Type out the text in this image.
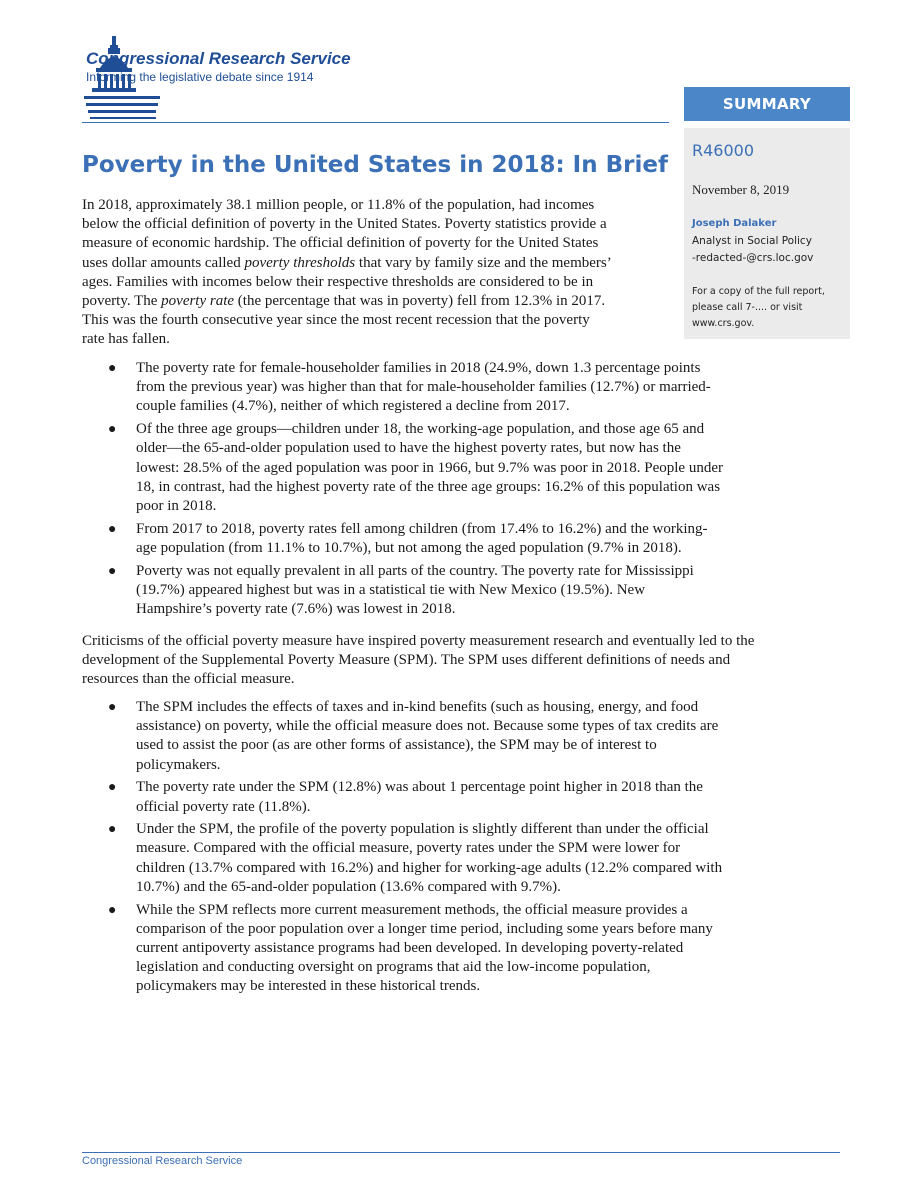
Congressional Research Service
Informing the legislative debate since 1914
SUMMARY
R46000
November 8, 2019
Joseph Dalaker
Analyst in Social Policy
-redacted-@crs.loc.gov
For a copy of the full report,
please call 7-.... or visit
www.crs.gov.
Poverty in the United States in 2018: In Brief
In 2018, approximately 38.1 million people, or 11.8% of the population, had incomes
below the official definition of poverty in the United States. Poverty statistics provide a
measure of economic hardship. The official definition of poverty for the United States
uses dollar amounts called poverty thresholds that vary by family size and the members’
ages. Families with incomes below their respective thresholds are considered to be in
poverty. The poverty rate (the percentage that was in poverty) fell from 12.3% in 2017.
This was the fourth consecutive year since the most recent recession that the poverty
rate has fallen.
● The poverty rate for female-householder families in 2018 (24.9%, down 1.3 percentage points
from the previous year) was higher than that for male-householder families (12.7%) or married-
couple families (4.7%), neither of which registered a decline from 2017.
● Of the three age groups—children under 18, the working-age population, and those age 65 and
older—the 65-and-older population used to have the highest poverty rates, but now has the
lowest: 28.5% of the aged population was poor in 1966, but 9.7% was poor in 2018. People under
18, in contrast, had the highest poverty rate of the three age groups: 16.2% of this population was
poor in 2018.
● From 2017 to 2018, poverty rates fell among children (from 17.4% to 16.2%) and the working-
age population (from 11.1% to 10.7%), but not among the aged population (9.7% in 2018).
● Poverty was not equally prevalent in all parts of the country. The poverty rate for Mississippi
(19.7%) appeared highest but was in a statistical tie with New Mexico (19.5%). New
Hampshire’s poverty rate (7.6%) was lowest in 2018.
Criticisms of the official poverty measure have inspired poverty measurement research and eventually led to the
development of the Supplemental Poverty Measure (SPM). The SPM uses different definitions of needs and
resources than the official measure.
● The SPM includes the effects of taxes and in-kind benefits (such as housing, energy, and food
assistance) on poverty, while the official measure does not. Because some types of tax credits are
used to assist the poor (as are other forms of assistance), the SPM may be of interest to
policymakers.
● The poverty rate under the SPM (12.8%) was about 1 percentage point higher in 2018 than the
official poverty rate (11.8%).
● Under the SPM, the profile of the poverty population is slightly different than under the official
measure. Compared with the official measure, poverty rates under the SPM were lower for
children (13.7% compared with 16.2%) and higher for working-age adults (12.2% compared with
10.7%) and the 65-and-older population (13.6% compared with 9.7%).
● While the SPM reflects more current measurement methods, the official measure provides a
comparison of the poor population over a longer time period, including some years before many
current antipoverty assistance programs had been developed. In developing poverty-related
legislation and conducting oversight on programs that aid the low-income population,
policymakers may be interested in these historical trends.
Congressional Research Service
